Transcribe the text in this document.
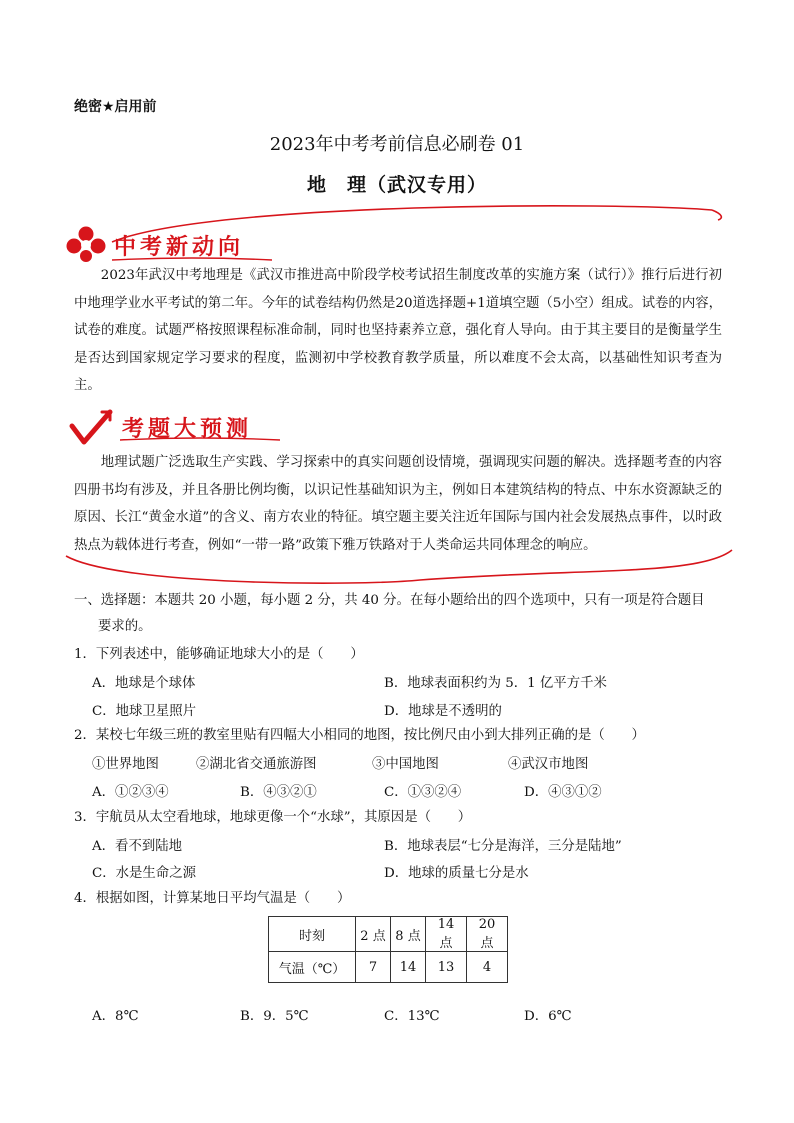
绝密★启用前
2023年中考考前信息必刷卷 01
地　理（武汉专用）
中考新动向
2023年武汉中考地理是《武汉市推进高中阶段学校考试招生制度改革的实施方案（试行）》推行后进行初中地理学业水平考试的第二年。今年的试卷结构仍然是20道选择题+1道填空题（5小空）组成。试卷的内容，试卷的难度。试题严格按照课程标准命制，同时也坚持素养立意，强化育人导向。由于其主要目的是衡量学生是否达到国家规定学习要求的程度，监测初中学校教育教学质量，所以难度不会太高，以基础性知识考查为主。
考题大预测
地理试题广泛选取生产实践、学习探索中的真实问题创设情境，强调现实问题的解决。选择题考查的内容四册书均有涉及，并且各册比例均衡，以识记性基础知识为主，例如日本建筑结构的特点、中东水资源缺乏的原因、长江“黄金水道”的含义、南方农业的特征。填空题主要关注近年国际与国内社会发展热点事件，以时政热点为载体进行考查，例如“一带一路”政策下雅万铁路对于人类命运共同体理念的响应。
一、选择题：本题共 20 小题，每小题 2 分，共 40 分。在每小题给出的四个选项中，只有一项是符合题目
要求的。
1．下列表述中，能够确证地球大小的是（　　）
A．地球是个球体	B．地球表面积约为 5．1 亿平方千米
C．地球卫星照片	D．地球是不透明的
2．某校七年级三班的教室里贴有四幅大小相同的地图，按比例尺由小到大排列正确的是（　　）
①世界地图	②湖北省交通旅游图	③中国地图	④武汉市地图
A．①②③④	B．④③②①	C．①③②④	D．④③①②
3．宇航员从太空看地球，地球更像一个“水球”，其原因是（　　）
A．看不到陆地	B．地球表层“七分是海洋，三分是陆地”
C．水是生命之源	D．地球的质量七分是水
4．根据如图，计算某地日平均气温是（　　）
时刻	2 点	8 点	14 点	20 点
气温（℃）	7	14	13	4
A．8℃	B．9．5℃	C．13℃	D．6℃
